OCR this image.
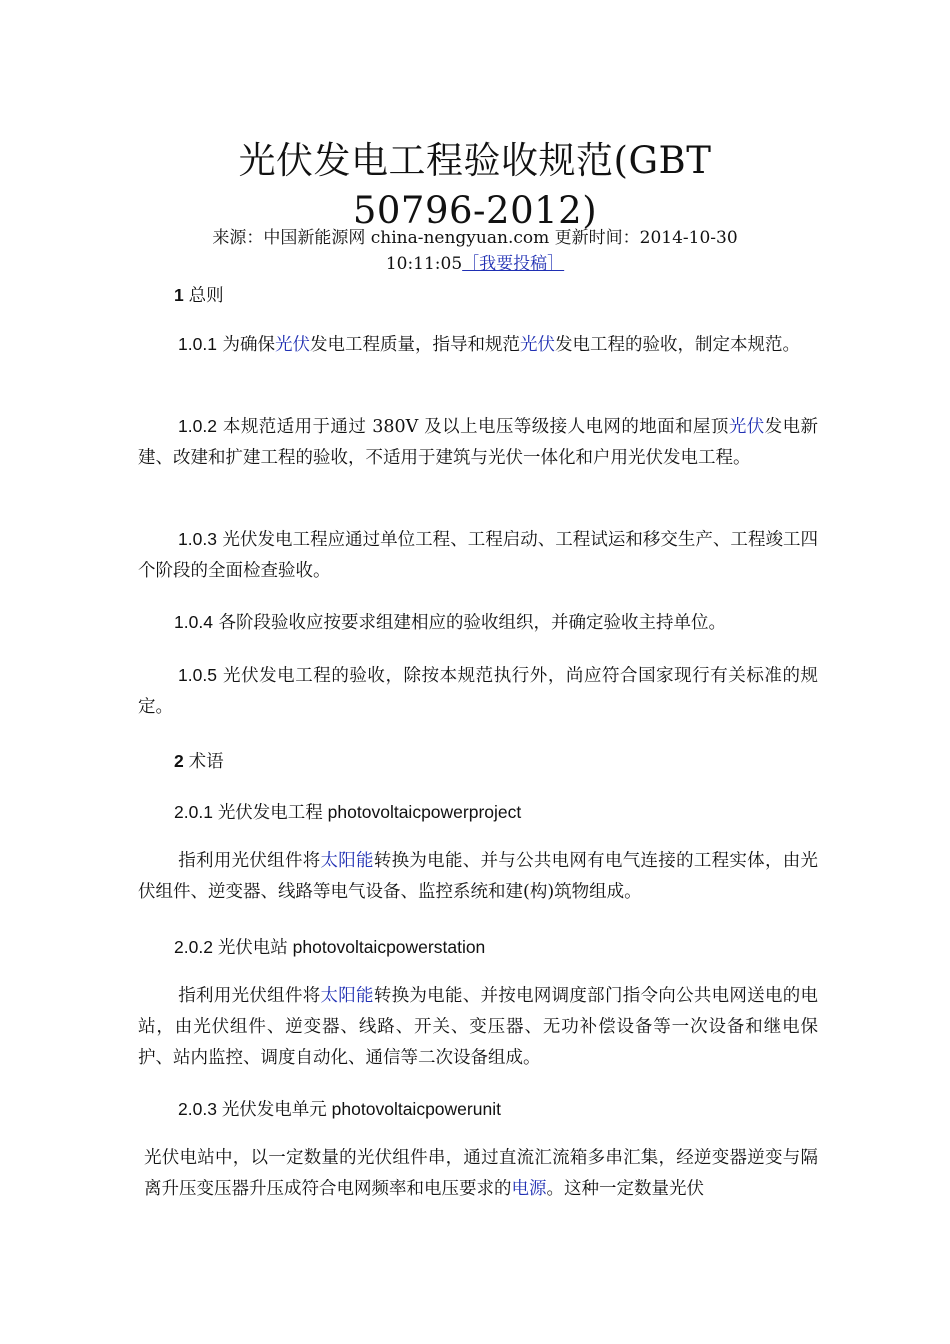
光伏发电工程验收规范(GBT
50796-2012)
来源：中国新能源网 china-nengyuan.com 更新时间：2014-10-30
10:11:05［我要投稿］
1 总则
1.0.1 为确保光伏发电工程质量，指导和规范光伏发电工程的验收，制定本规范。
1.0.2 本规范适用于通过 380V 及以上电压等级接人电网的地面和屋顶光伏发电新建、改建和扩建工程的验收，不适用于建筑与光伏一体化和户用光伏发电工程。
1.0.3 光伏发电工程应通过单位工程、工程启动、工程试运和移交生产、工程竣工四个阶段的全面检查验收。
1.0.4 各阶段验收应按要求组建相应的验收组织，并确定验收主持单位。
1.0.5 光伏发电工程的验收，除按本规范执行外，尚应符合国家现行有关标准的规定。
2 术语
2.0.1 光伏发电工程 photovoltaicpowerproject
指利用光伏组件将太阳能转换为电能、并与公共电网有电气连接的工程实体，由光伏组件、逆变器、线路等电气设备、监控系统和建(构)筑物组成。
2.0.2 光伏电站 photovoltaicpowerstation
指利用光伏组件将太阳能转换为电能、并按电网调度部门指令向公共电网送电的电站，由光伏组件、逆变器、线路、开关、变压器、无功补偿设备等一次设备和继电保护、站内监控、调度自动化、通信等二次设备组成。
2.0.3 光伏发电单元 photovoltaicpowerunit
光伏电站中，以一定数量的光伏组件串，通过直流汇流箱多串汇集，经逆变器逆变与隔离升压变压器升压成符合电网频率和电压要求的电源。这种一定数量光伏
